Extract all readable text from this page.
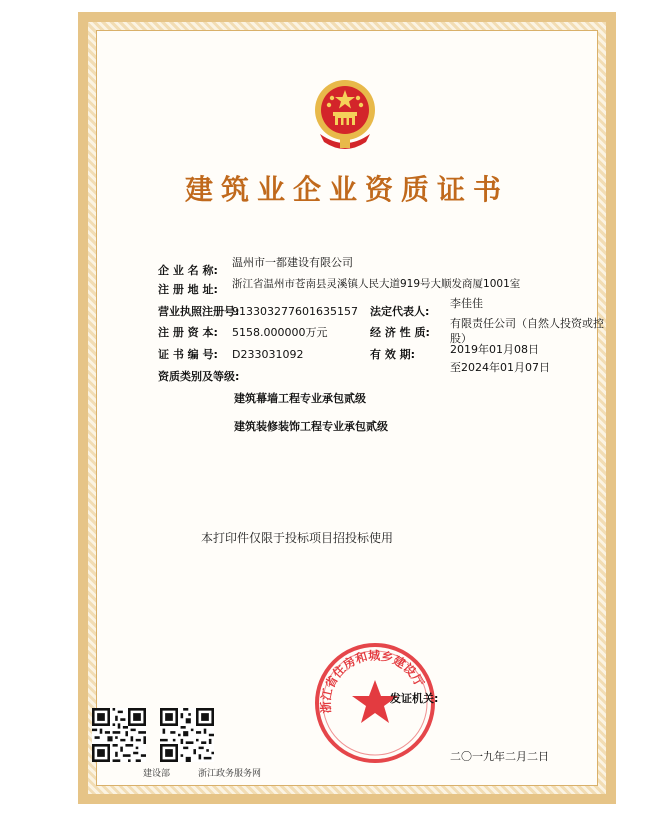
建筑业企业资质证书
企 业 名 称:
温州市一都建设有限公司
注 册 地 址: 浙江省温州市苍南县灵溪镇人民大道919号大顺发商厦1001室
营业执照注册号:
913303277601635157 法定代表人:
李佳佳
注 册 资 本: 5158.000000万元	经 济 性 质:
有限责任公司（自然人投资或控
股）
证 书 编 号: D233031092	有 效 期:	2019年01月08日
至2024年01月07日
资质类别及等级:
建筑幕墙工程专业承包贰级
建筑装修装饰工程专业承包贰级
本打印件仅限于投标项目招投标使用
浙江省住房和城乡建设厅
发证机关:
二〇一九年二月二日
建设部	浙江政务服务网
